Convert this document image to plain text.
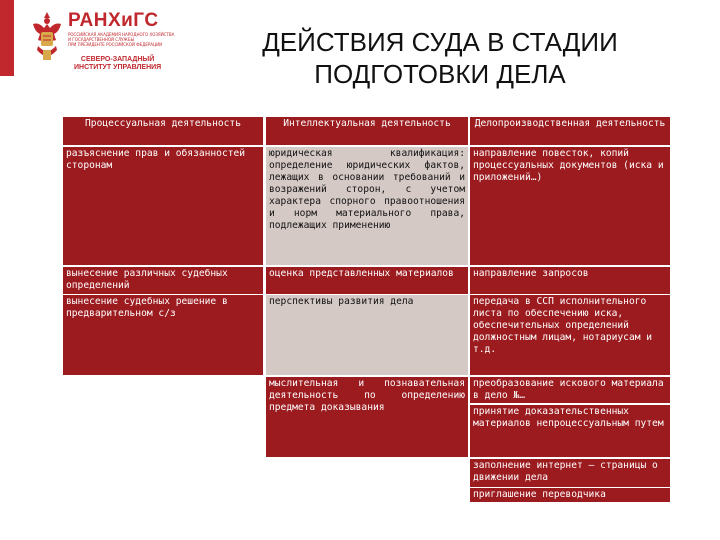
РАНХиГС
РОССИЙСКАЯ АКАДЕМИЯ НАРОДНОГО ХОЗЯЙСТВА
И ГОСУДАРСТВЕННОЙ СЛУЖБЫ
ПРИ ПРЕЗИДЕНТЕ РОССИЙСКОЙ ФЕДЕРАЦИИ
СЕВЕРО-ЗАПАДНЫЙ
ИНСТИТУТ УПРАВЛЕНИЯ
ДЕЙСТВИЯ СУДА В СТАДИИ
ПОДГОТОВКИ ДЕЛА
Процессуальная деятельность	Интеллектуальная деятельность	Делопроизводственная деятельность
разъяснение прав и обязанностей сторонам
вынесение различных судебных определений
вынесение судебных решение в предварительном с/з
юридическая квалификация: определение юридических фактов, лежащих в основании требований и возражений сторон, с учетом характера спорного правоотношения и норм материального права, подлежащих применению
оценка представленных материалов
перспективы развития дела
мыслительная и познавательная деятельность по определению предмета доказывания
направление повесток, копий процессуальных документов (иска и приложений…)
направление запросов
передача в ССП исполнительного листа по обеспечению иска, обеспечительных определений должностным лицам, нотариусам и т.д.
преобразование искового материала в дело №…
принятие доказательственных материалов непроцессуальным путем
заполнение интернет – страницы о движении дела
приглашение переводчика
